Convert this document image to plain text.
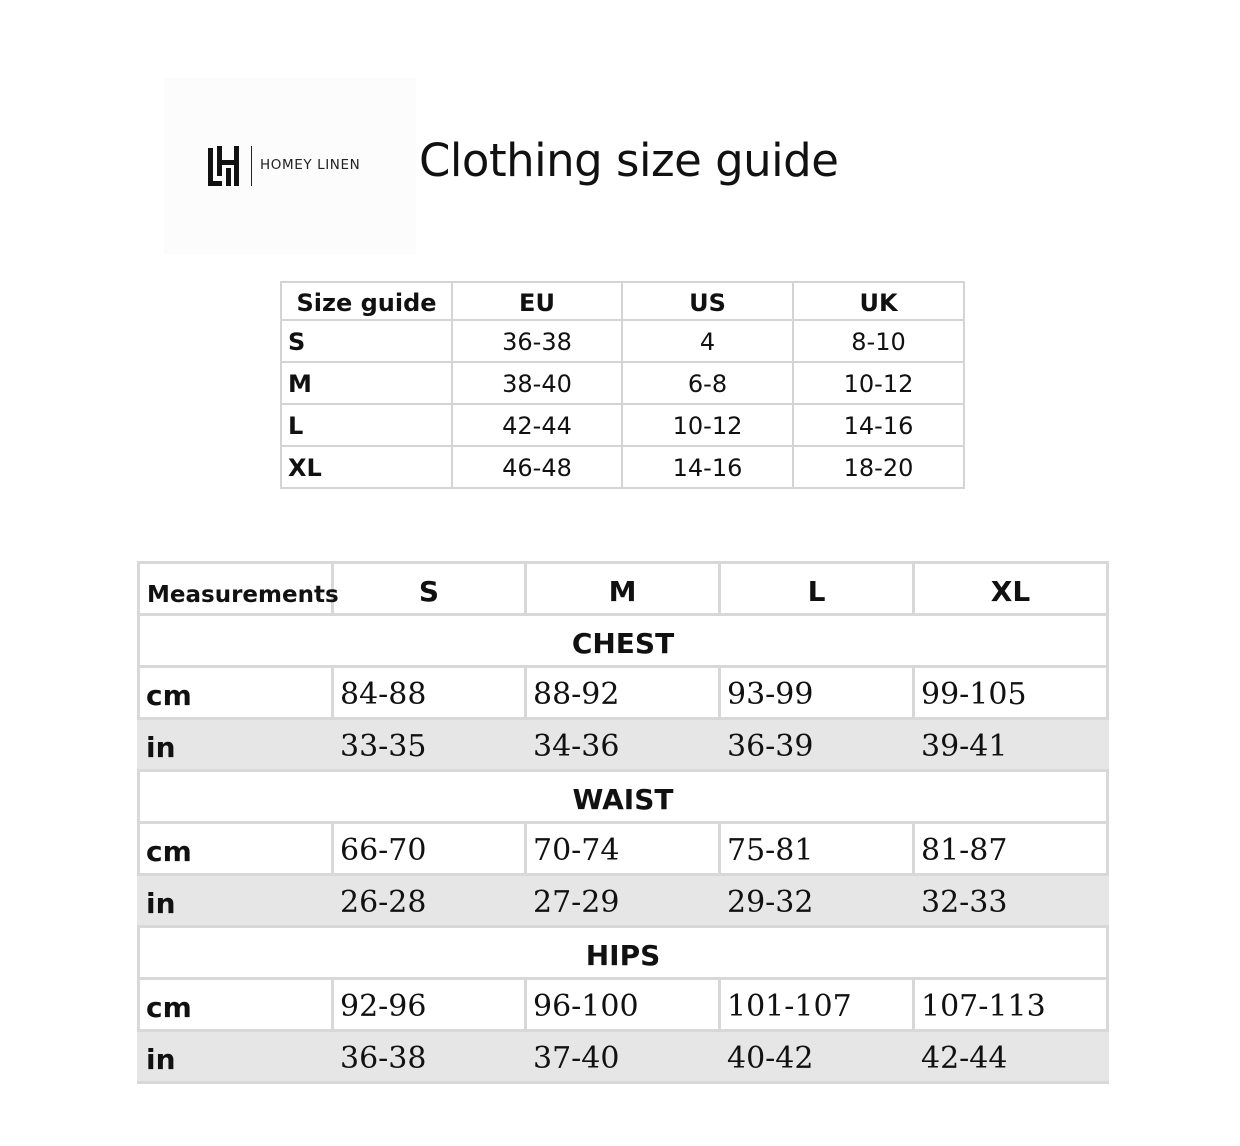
HOMEY LINEN Clothing size guide
Size guide	EU	US	UK
S	36-38	4	8-10
M	38-40	6-8	10-12
L	42-44	10-12	14-16
XL	46-48	14-16	18-20
Measurements	S	M	L	XL
CHEST				
cm	84-88	88-92	93-99	99-105
in	33-35	34-36	36-39	39-41
WAIST				
cm	66-70	70-74	75-81	81-87
in	26-28	27-29	29-32	32-33
HIPS				
cm	92-96	96-100	101-107	107-113
in	36-38	37-40	40-42	42-44
